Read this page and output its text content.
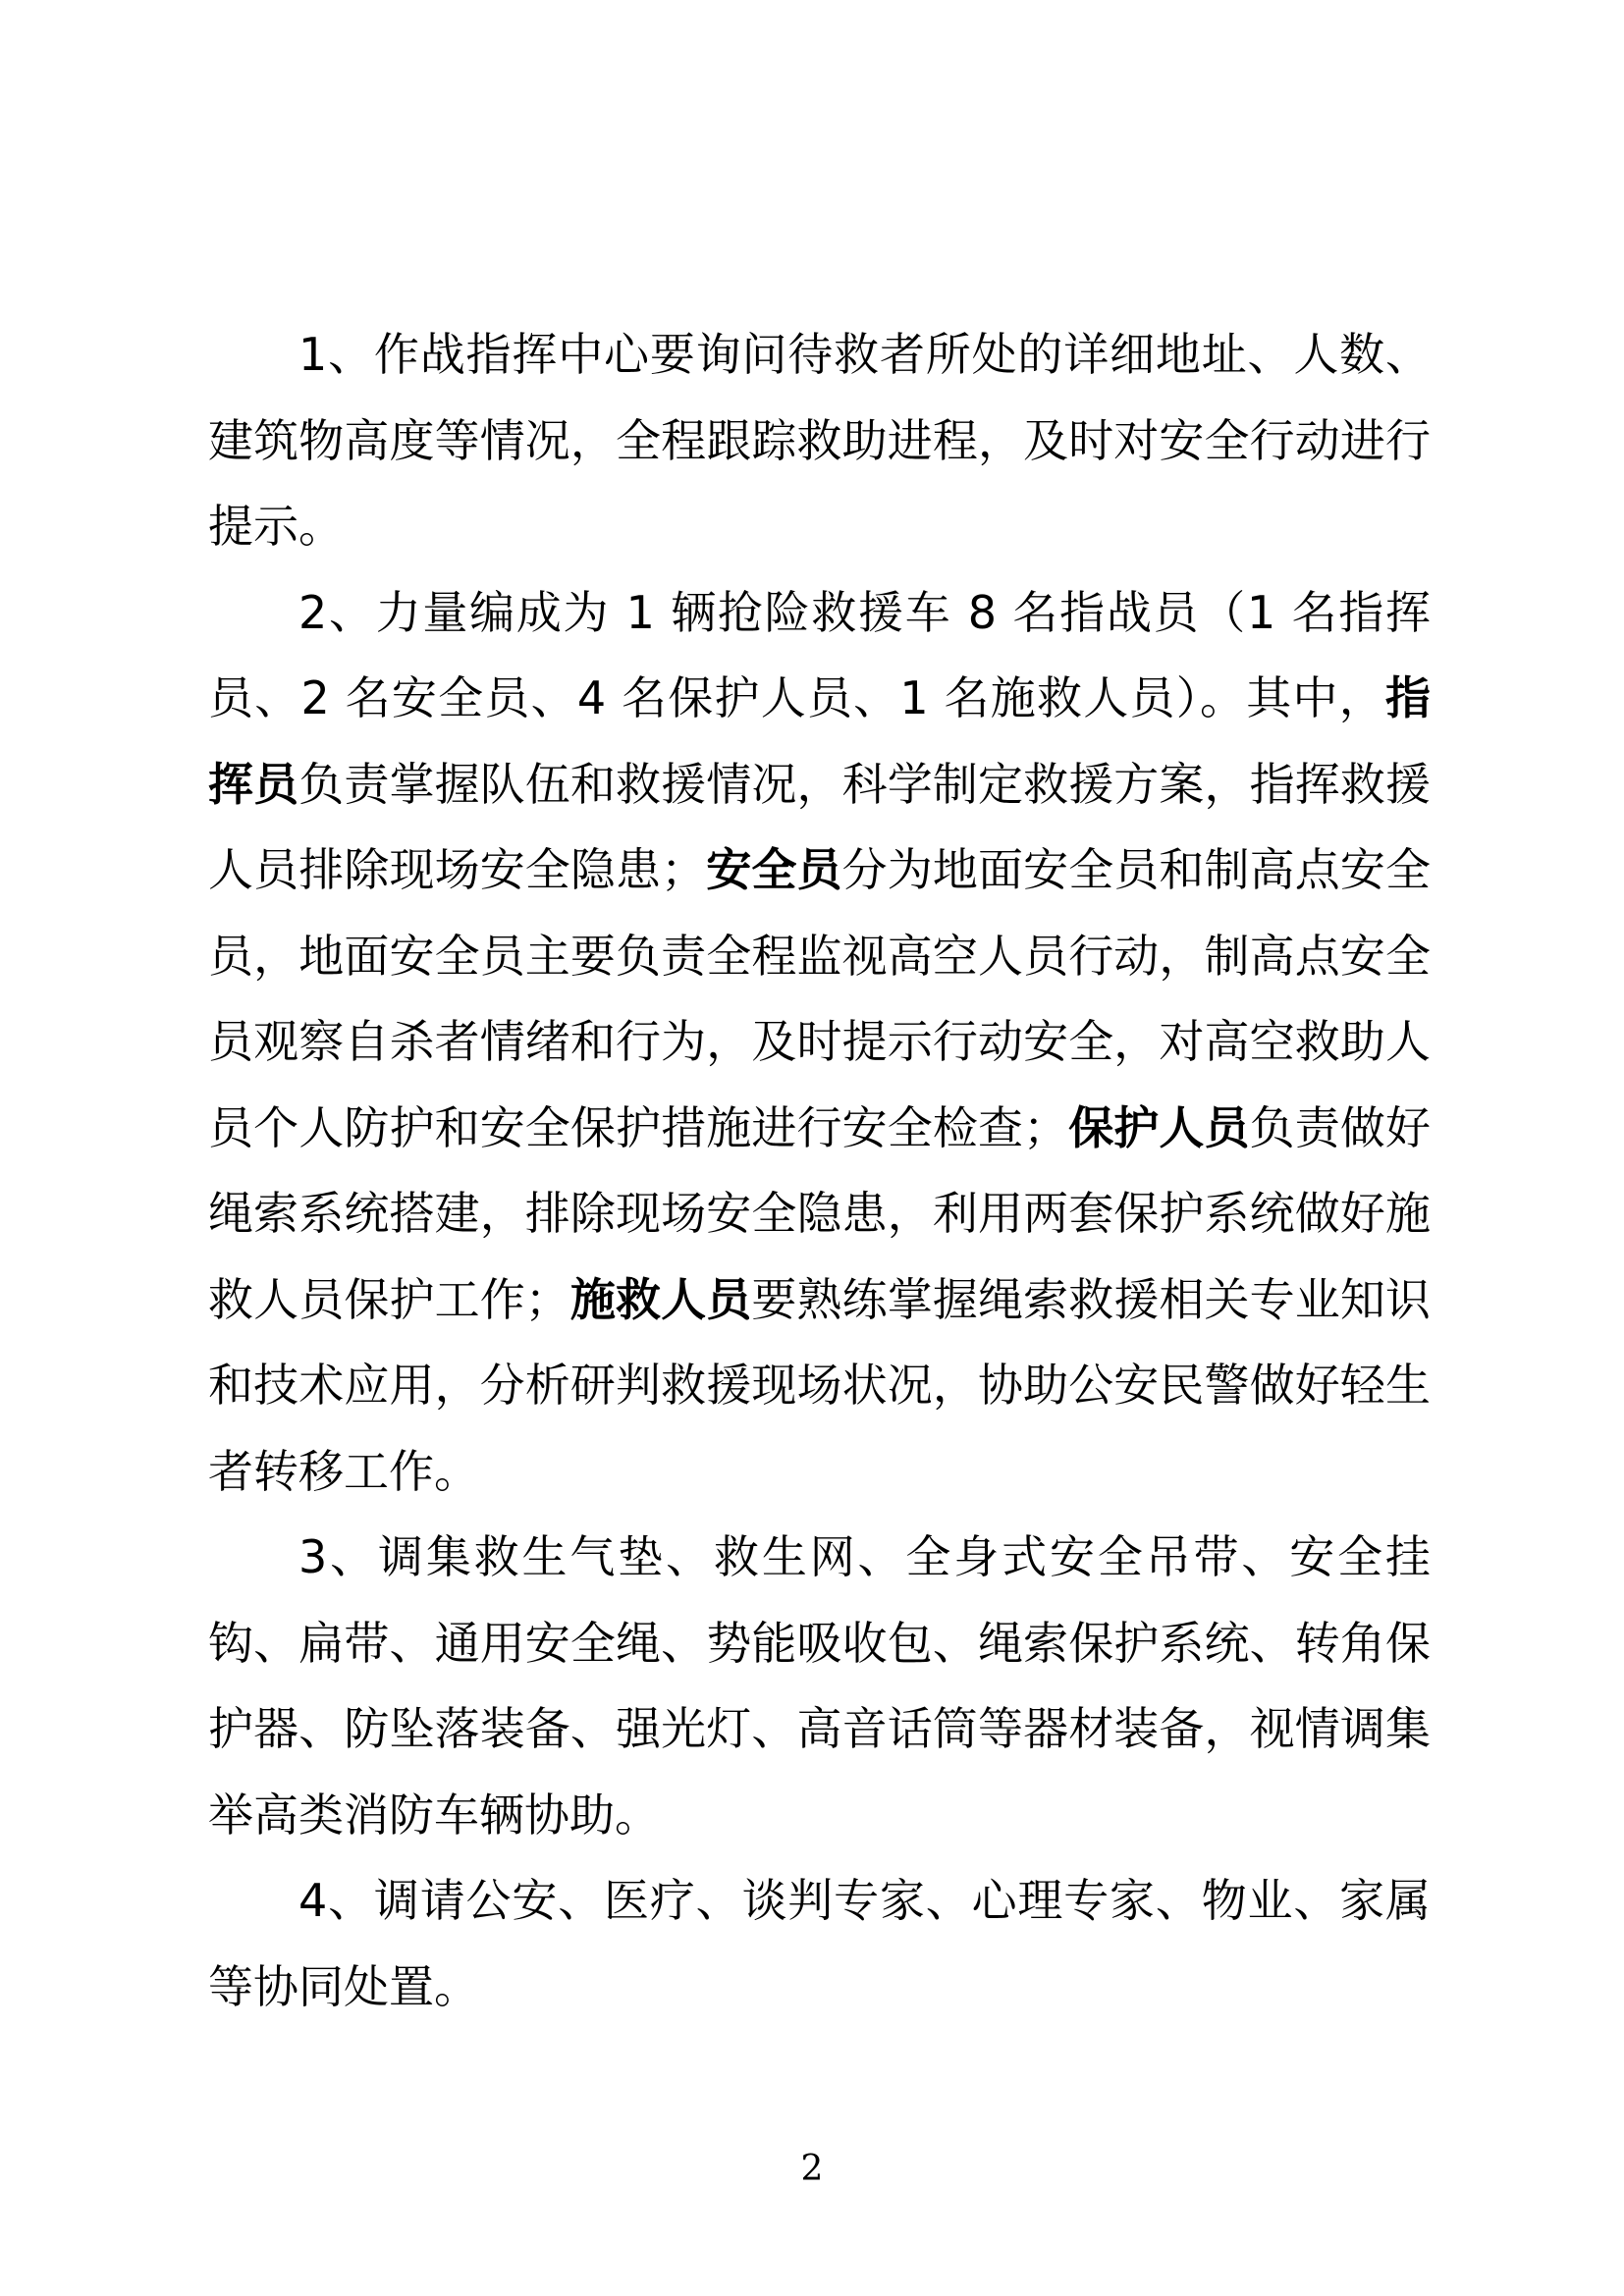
1、作战指挥中心要询问待救者所处的详细地址、人数、建筑物高度等情况，全程跟踪救助进程，及时对安全行动进行提示。

2、力量编成为 1 辆抢险救援车 8 名指战员（1 名指挥员、2 名安全员、4 名保护人员、1 名施救人员）。其中，指挥员负责掌握队伍和救援情况，科学制定救援方案，指挥救援人员排除现场安全隐患；安全员分为地面安全员和制高点安全员，地面安全员主要负责全程监视高空人员行动，制高点安全员观察自杀者情绪和行为，及时提示行动安全，对高空救助人员个人防护和安全保护措施进行安全检查；保护人员负责做好绳索系统搭建，排除现场安全隐患，利用两套保护系统做好施救人员保护工作；施救人员要熟练掌握绳索救援相关专业知识和技术应用，分析研判救援现场状况，协助公安民警做好轻生者转移工作。

3、调集救生气垫、救生网、全身式安全吊带、安全挂钩、扁带、通用安全绳、势能吸收包、绳索保护系统、转角保护器、防坠落装备、强光灯、高音话筒等器材装备，视情调集举高类消防车辆协助。

4、调请公安、医疗、谈判专家、心理专家、物业、家属等协同处置。

2
